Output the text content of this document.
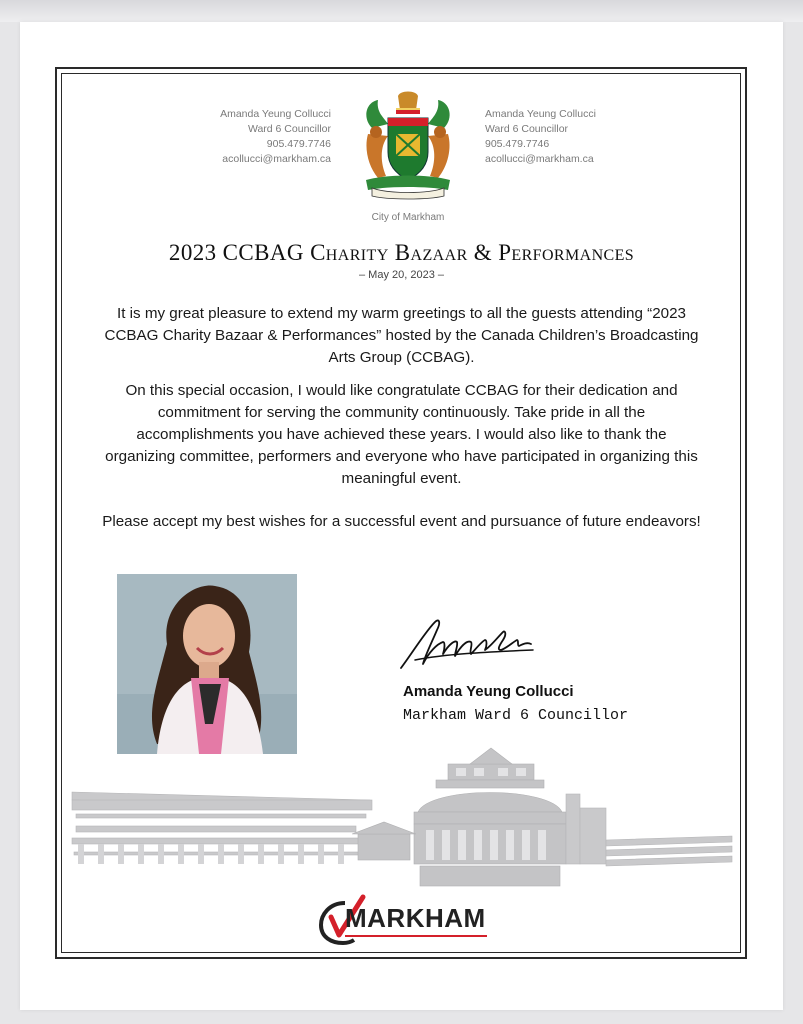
Amanda Yeung Collucci
Ward 6 Councillor
905.479.7746
acollucci@markham.ca
Amanda Yeung Collucci
Ward 6 Councillor
905.479.7746
acollucci@markham.ca
City of Markham
2023 CCBAG Charity Bazaar & Performances
– May 20, 2023 –
It is my great pleasure to extend my warm greetings to all the guests attending “2023 CCBAG Charity Bazaar & Performances” hosted by the Canada Children’s Broadcasting Arts Group (CCBAG).
On this special occasion, I would like congratulate CCBAG for their dedication and commitment for serving the community continuously. Take pride in all the accomplishments you have achieved these years. I would also like to thank the organizing committee, performers and everyone who have participated in organizing this meaningful event.
Please accept my best wishes for a successful event and pursuance of future endeavors!
Amanda Yeung Collucci
Markham Ward 6 Councillor
MARKHAM
